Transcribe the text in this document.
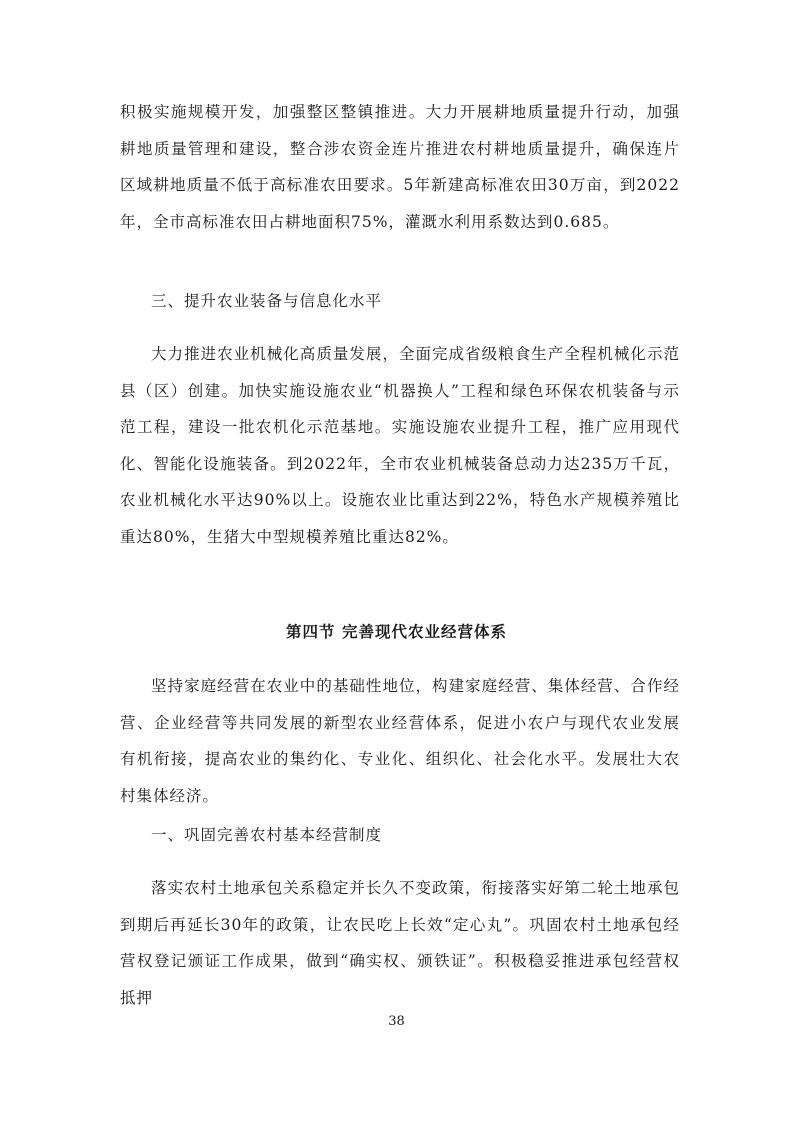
积极实施规模开发，加强整区整镇推进。大力开展耕地质量提升行动，加强耕地质量管理和建设，整合涉农资金连片推进农村耕地质量提升，确保连片区域耕地质量不低于高标准农田要求。5年新建高标准农田30万亩，到2022年，全市高标准农田占耕地面积75%，灌溉水利用系数达到0.685。

三、提升农业装备与信息化水平

大力推进农业机械化高质量发展，全面完成省级粮食生产全程机械化示范县（区）创建。加快实施设施农业“机器换人”工程和绿色环保农机装备与示范工程，建设一批农机化示范基地。实施设施农业提升工程，推广应用现代化、智能化设施装备。到2022年，全市农业机械装备总动力达235万千瓦，农业机械化水平达90%以上。设施农业比重达到22%，特色水产规模养殖比重达80%，生猪大中型规模养殖比重达82%。

第四节 完善现代农业经营体系

坚持家庭经营在农业中的基础性地位，构建家庭经营、集体经营、合作经营、企业经营等共同发展的新型农业经营体系，促进小农户与现代农业发展有机衔接，提高农业的集约化、专业化、组织化、社会化水平。发展壮大农村集体经济。

一、巩固完善农村基本经营制度

落实农村土地承包关系稳定并长久不变政策，衔接落实好第二轮土地承包到期后再延长30年的政策，让农民吃上长效“定心丸”。巩固农村土地承包经营权登记颁证工作成果，做到“确实权、颁铁证”。积极稳妥推进承包经营权抵押

38
